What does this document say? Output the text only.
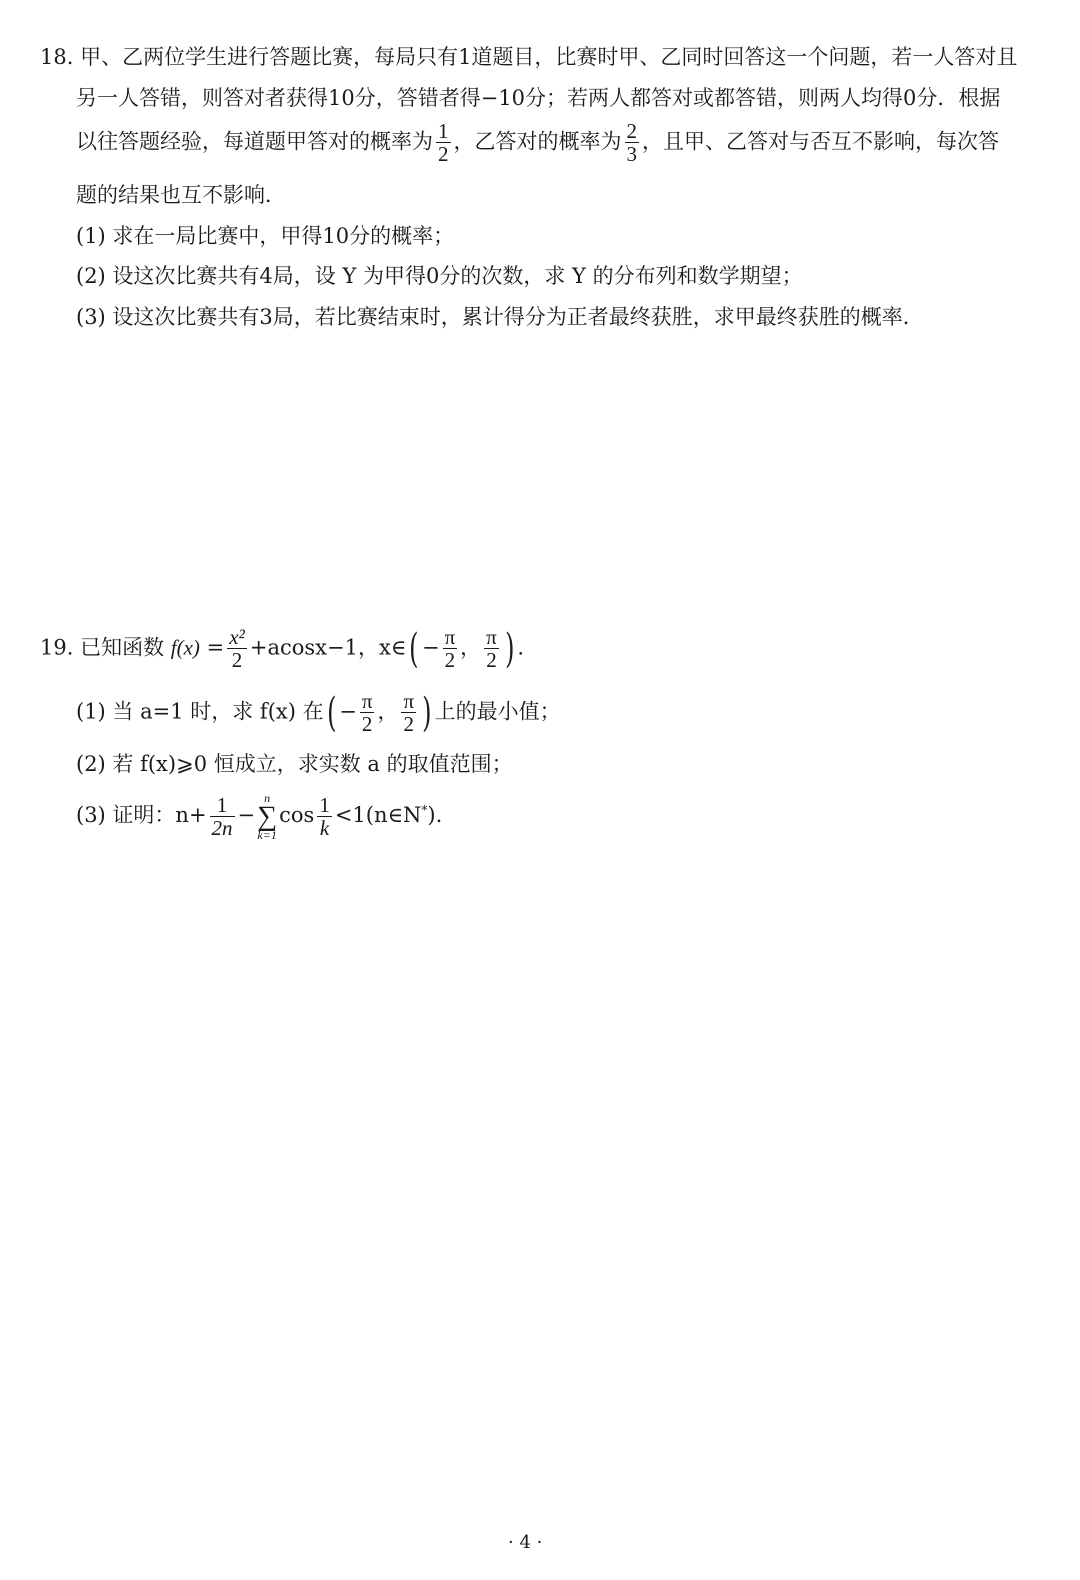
18. 甲、乙两位学生进行答题比赛，每局只有1道题目，比赛时甲、乙同时回答这一个问题，若一人答对且
另一人答错，则答对者获得10分，答错者得−10分；若两人都答对或都答错，则两人均得0分．根据
以往答题经验，每道题甲答对的概率为 $\frac{1}{2}$ ，乙答对的概率为 $\frac{2}{3}$ ，且甲、乙答对与否互不影响，每次答
题的结果也互不影响．
(1) 求在一局比赛中，甲得10分的概率；
(2) 设这次比赛共有4局，设 Y 为甲得0分的次数，求 Y 的分布列和数学期望；
(3) 设这次比赛共有3局，若比赛结束时，累计得分为正者最终获胜，求甲最终获胜的概率．
19. 已知函数 $f(x) = \frac{\text{x²}}{2} +acosx-1$，x∈( − $\frac{\pi}{2}$ ， $\frac{\pi}{2}$ ) .
(1) 当 a=1 时，求 f(x) 在( − $\frac{\pi}{2}$ ， $\frac{\pi}{2}$ ) 上的最小值；
(2) 若 f(x)⩾0 恒成立，求实数 a 的取值范围；
(3) 证明：$n+ \frac{1}{2n}$ −
n
∑
k=1
$\cos \frac{1}{k}$ <1(n∈N*).
· 4 ·
